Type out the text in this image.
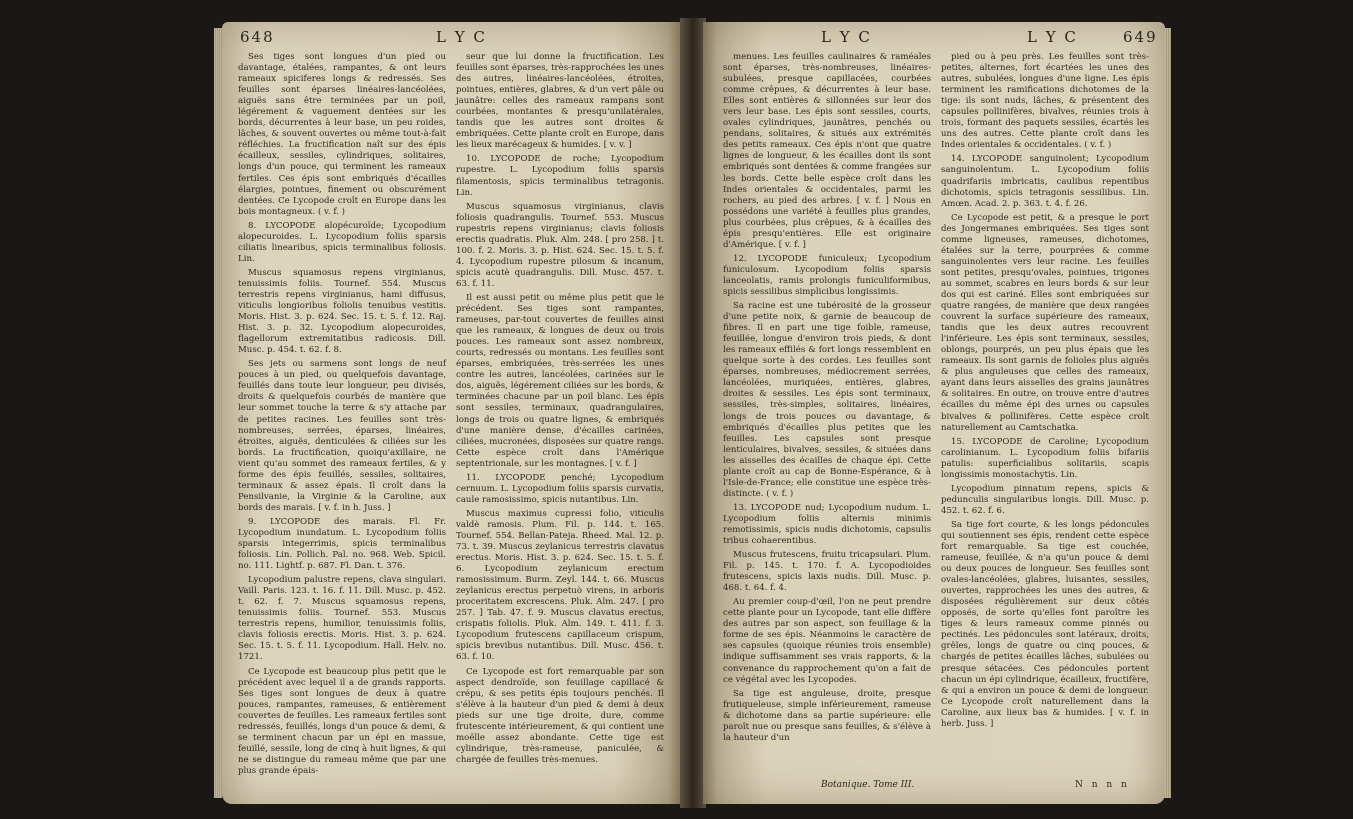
648	L Y C

Ses tiges sont longues d'un pied ou davantage, étalées, rampantes, & ont leurs rameaux spiciferes longs & redressés. Ses feuilles sont éparses linéaires-lancéolées, aiguës sans être terminées par un poil, légérement & vaguement dentées sur les bords, décurrentes à leur base, un peu roides, lâches, & souvent ouvertes ou même tout-à-fait réfléchies. La fructification naît sur des épis écailleux, sessiles, cylindriques, solitaires, longs d'un pouce, qui terminent les rameaux fertiles. Ces épis sont embriqués d'écailles élargies, pointues, finement ou obscurément dentées. Ce Lycopode croît en Europe dans les bois montagneux. ( v. f. )

8. LYCOPODE alopécuroïde; Lycopodium alopecuroides. L. Lycopodium foliis sparsis ciliatis linearibus, spicis terminalibus foliosis. Lin.

Muscus squamosus repens virginianus, tenuissimis foliis. Tournef. 554. Muscus terrestris repens virginianus, hami diffusus, viticulis longioribus foliolis tenuibus vestitis. Moris. Hist. 3. p. 624. Sec. 15. t. 5. f. 12. Raj. Hist. 3. p. 32. Lycopodium alopecuroides, flagellorum extremitatibus radicosis. Dill. Musc. p. 454. t. 62. f. 8.

Ses jets ou sarmens sont longs de neuf pouces à un pied, ou quelquefois davantage, feuillés dans toute leur longueur, peu divisés, droits & quelquefois courbés de manière que leur sommet touche la terre & s'y attache par de petites racines. Les feuilles sont très-nombreuses, serrées, éparses, linéaires, étroites, aiguës, denticulées & ciliées sur les bords. La fructification, quoiqu'axillaire, ne vient qu'au sommet des rameaux fertiles, & y forme des épis feuillés, sessiles, solitaires, terminaux & assez épais. Il croît dans la Pensilvanie, la Virginie & la Caroline, aux bords des marais. [ v. f. in h. Juss. ]

9. LYCOPODE des marais. Fl. Fr. Lycopodium inundatum. L. Lycopodium foliis sparsis integerrimis, spicis terminalibus foliosis. Lin. Pollich. Pal. no. 968. Web. Spicil. no. 111. Lightf. p. 687. Fl. Dan. t. 376.

Lycopodium palustre repens, clava singulari. Vaill. Paris. 123. t. 16. f. 11. Dill. Musc. p. 452. t. 62. f. 7. Muscus squamosus repens, tenuissimis foliis. Tournef. 553. Muscus terrestris repens, humilior, tenuissimis foliis, clavis foliosis erectis. Moris. Hist. 3. p. 624. Sec. 15. t. 5. f. 11. Lycopodium. Hall. Helv. no. 1721.

Ce Lycopode est beaucoup plus petit que le précédent avec lequel il a de grands rapports. Ses tiges sont longues de deux à quatre pouces, rampantes, rameuses, & entièrement couvertes de feuilles. Les rameaux fertiles sont redressés, feuillés, longs d'un pouce & demi, & se terminent chacun par un épi en massue, feuillé, sessile, long de cinq à huit lignes, & qui ne se distingue du rameau même que par une plus grande épais-

seur que lui donne la fructification. Les feuilles sont éparses, très-rapprochées les unes des autres, linéaires-lancéolées, étroites, pointues, entières, glabres, & d'un vert pâle ou jaunâtre: celles des rameaux rampans sont courbées, montantes & presqu'unilatérales, tandis que les autres sont droites & embriquées. Cette plante croît en Europe, dans les lieux marécageux & humides. [ v. v. ]

10. LYCOPODE de roche; Lycopodium rupestre. L. Lycopodium foliis sparsis filamentosis, spicis terminalibus tetragonis. Lin.

Muscus squamosus virginianus, clavis foliosis quadrangulis. Tournef. 553. Muscus rupestris repens virginianus; clavis foliosis erectis quadratis. Pluk. Alm. 248. [ pro 258. ] t. 100. f. 2. Moris. 3. p. Hist. 624. Sec. 15. t. 5. f. 4. Lycopodium rupestre pilosum & incanum, spicis acutè quadrangulis. Dill. Musc. 457. t. 63. f. 11.

Il est aussi petit ou même plus petit que le précédent. Ses tiges sont rampantes, rameuses, par-tout couvertes de feuilles ainsi que les rameaux, & longues de deux ou trois pouces. Les rameaux sont assez nombreux, courts, redressés ou montans. Les feuilles sont éparses, embriquées, très-serrées les unes contre les autres, lancéolées, carinées sur le dos, aiguës, légérement ciliées sur les bords, & terminées chacune par un poil blanc. Les épis sont sessiles, terminaux, quadrangulaires, longs de trois ou quatre lignes, & embriqués d'une manière dense, d'écailles carinées, ciliées, mucronées, disposées sur quatre rangs. Cette espèce croît dans l'Amérique septentrionale, sur les montagnes. [ v. f. ]

11. LYCOPODE penché; Lycopodium cernuum. L. Lycopodium foliis sparsis curvatis, caule ramosissimo, spicis nutantibus. Lin.

Muscus maximus cupressi folio, viticulis valdè ramosis. Plum. Fil. p. 144. t. 165. Tournef. 554. Bellan-Pateja. Rheed. Mal. 12. p. 73. t. 39. Muscus zeylanicus terrestris clavatus erectus. Moris. Hist. 3. p. 624. Sec. 15. t. 5. f. 6. Lycopodium zeylanicum erectum ramosissimum. Burm. Zeyl. 144. t. 66. Muscus zeylanicus erectus perpetuò virens, in arboris proceritatem excrescens. Pluk. Alm. 247. [ pro 257. ] Tab. 47. f. 9. Muscus clavatus erectus, crispatis foliolis. Pluk. Alm. 149. t. 411. f. 3. Lycopodium frutescens capillaceum crispum, spicis brevibus nutantibus. Dill. Musc. 456. t. 63. f. 10.

Ce Lycopode est fort remarquable par son aspect dendroïde, son feuillage capillacé & crépu, & ses petits épis toujours penchés. Il s'élève à la hauteur d'un pied & demi à deux pieds sur une tige droite, dure, comme frutescente intérieurement, & qui contient une moëlle assez abondante. Cette tige est cylindrique, très-rameuse, paniculée, & chargée de feuilles très-menues.

L Y C	L Y C	649

menues. Les feuilles caulinaires & raméales sont éparses, très-nombreuses, linéaires-subulées, presque capillacées, courbées comme crêpues, & décurrentes à leur base. Elles sont entières & sillonnées sur leur dos vers leur base. Les épis sont sessiles, courts, ovales cylindriques, jaunâtres, penchés ou pendans, solitaires, & situés aux extrémités des petits rameaux. Ces épis n'ont que quatre lignes de longueur, & les écailles dont ils sont embriqués sont dentées & comme frangées sur les bords. Cette belle espèce croît dans les Indes orientales & occidentales, parmi les rochers, au pied des arbres. [ v. f. ] Nous en possédons une variété à feuilles plus grandes, plus courbées, plus crêpues, & à écailles des épis presqu'entières. Elle est originaire d'Amérique. [ v. f. ]

12. LYCOPODE funiculeux; Lycopodium funiculosum. Lycopodium foliis sparsis lanceolatis, ramis prolongis funiculiformibus, spicis sessilibus simplicibus longissimis.

Sa racine est une tubérosité de la grosseur d'une petite noix, & garnie de beaucoup de fibres. Il en part une tige foible, rameuse, feuillée, longue d'environ trois pieds, & dont les rameaux effilés & fort longs ressemblent en quelque sorte à des cordes. Les feuilles sont éparses, nombreuses, médiocrement serrées, lancéolées, muriquées, entières, glabres, droites & sessiles. Les épis sont terminaux, sessiles, très-simples, solitaires, linéaires, longs de trois pouces ou davantage, & embriqués d'écailles plus petites que les feuilles. Les capsules sont presque lenticulaires, bivalves, sessiles, & situées dans les aisselles des écailles de chaque épi. Cette plante croît au cap de Bonne-Espérance, & à l'Isle-de-France; elle constitue une espèce très-distincte. ( v. f. )

13. LYCOPODE nud; Lycopodium nudum. L. Lycopodium foliis alternis minimis remotissimis, spicis nudis dichotomis, capsulis tribus cohaerentibus.

Muscus frutescens, fruitu tricapsulari. Plum. Fil. p. 145. t. 170. f. A. Lycopodioides frutescens, spicis laxis nudis. Dill. Musc. p. 468. t. 64. f. 4.

Au premier coup-d'œil, l'on ne peut prendre cette plante pour un Lycopode, tant elle diffère des autres par son aspect, son feuillage & la forme de ses épis. Néanmoins le caractère de ses capsules (quoique réunies trois ensemble) indique suffisamment ses vrais rapports, & la convenance du rapprochement qu'on a fait de ce végétal avec les Lycopodes.

Sa tige est anguleuse, droite, presque frutiqueleuse, simple inférieurement, rameuse & dichotome dans sa partie supérieure: elle paroît nue ou presque sans feuilles, & s'élève à la hauteur d'un

pied ou à peu près. Les feuilles sont très-petites, alternes, fort écartées les unes des autres, subulées, longues d'une ligne. Les épis terminent les ramifications dichotomes de la tige: ils sont nuds, lâches, & présentent des capsules pollinifères, bivalves, réunies trois à trois, formant des paquets sessiles, écartés les uns des autres. Cette plante croît dans les Indes orientales & occidentales. ( v. f. )

14. LYCOPODE sanguinolent; Lycopodium sanguinolentum. L. Lycopodium foliis quadrifariis imbricatis, caulibus repentibus dichotomis, spicis tetragonis sessilibus. Lin. Amœn. Acad. 2. p. 363. t. 4. f. 26.

Ce Lycopode est petit, & a presque le port des Jongermanes embriquées. Ses tiges sont comme ligneuses, rameuses, dichotomes, étalées sur la terre, pourprées & comme sanguinolentes vers leur racine. Les feuilles sont petites, presqu'ovales, pointues, trigones au sommet, scabres en leurs bords & sur leur dos qui est cariné. Elles sont embriquées sur quatre rangées, de manière que deux rangées couvrent la surface supérieure des rameaux, tandis que les deux autres recouvrent l'inférieure. Les épis sont terminaux, sessiles, oblongs, pourprés, un peu plus épais que les rameaux. Ils sont garnis de folioles plus aiguës & plus anguleuses que celles des rameaux, ayant dans leurs aisselles des grains jaunâtres & solitaires. En outre, on trouve entre d'autres écailles du même épi des urnes ou capsules bivalves & pollinifères. Cette espèce croît naturellement au Camtschatka.

15. LYCOPODE de Caroline; Lycopodium carolinianum. L. Lycopodium foliis bifariis patulis: superficialibus solitariis, scapis longissimis monostachytis. Lin.

Lycopodium pinnatum repens, spicis & pedunculis singularibus longis. Dill. Musc. p. 452. t. 62. f. 6.

Sa tige fort courte, & les longs pédoncules qui soutiennent ses épis, rendent cette espèce fort remarquable. Sa tige est couchée, rameuse, feuillée, & n'a qu'un pouce & demi ou deux pouces de longueur. Ses feuilles sont ovales-lancéolées, glabres, luisantes, sessiles, ouvertes, rapprochées les unes des autres, & disposées régulièrement sur deux côtés opposés, de sorte qu'elles font paroître les tiges & leurs rameaux comme pinnés ou pectinés. Les pédoncules sont latéraux, droits, grêles, longs de quatre ou cinq pouces, & chargés de petites écailles lâches, subulées ou presque sétacées. Ces pédoncules portent chacun un épi cylindrique, écailleux, fructifère, & qui a environ un pouce & demi de longueur. Ce Lycopode croît naturellement dans la Caroline, aux lieux bas & humides. [ v. f. in herb. Juss. ]

Botanique. Tome III.	N n n n
